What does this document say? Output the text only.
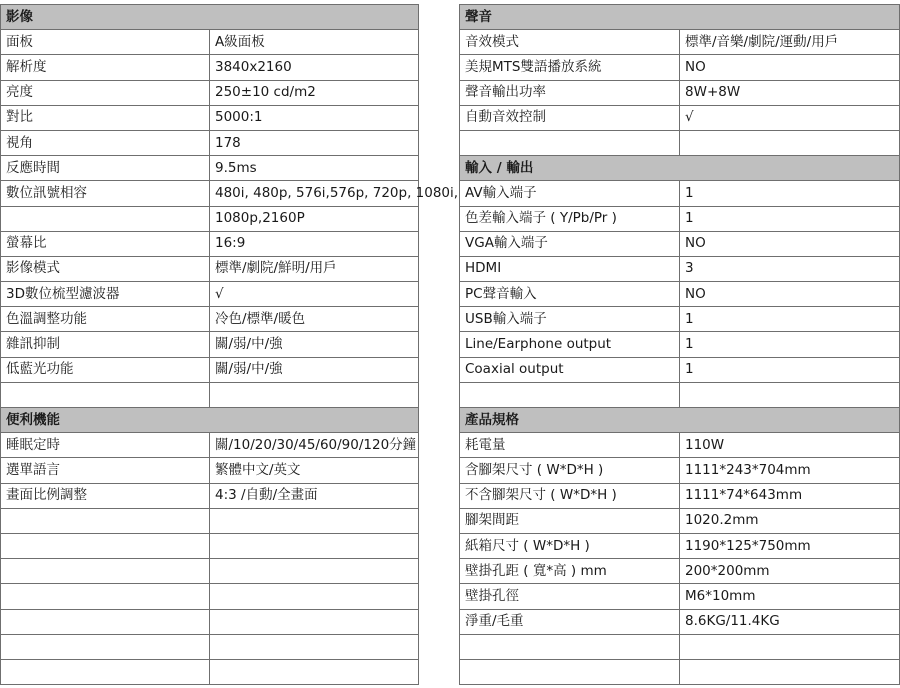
影像	
面板	A級面板
解析度	3840x2160
亮度	250±10 cd/m2
對比	5000:1
視角	178
反應時間	9.5ms
數位訊號相容	480i, 480p, 576i,576p, 720p, 1080i,
	1080p,2160P
螢幕比	16:9
影像模式	標準/劇院/鮮明/用戶
3D數位梳型濾波器	√
色溫調整功能	冷色/標準/暖色
雜訊抑制	關/弱/中/強
低藍光功能	關/弱/中/強

便利機能	
睡眠定時	關/10/20/30/45/60/90/120分鐘
選單語言	繁體中文/英文
畫面比例調整	4:3 /自動/全畫面

聲音	
音效模式	標準/音樂/劇院/運動/用戶
美規MTS雙語播放系統	NO
聲音輸出功率	8W+8W
自動音效控制	√

輸入 / 輸出	
AV輸入端子	1
色差輸入端子 ( Y/Pb/Pr )	1
VGA輸入端子	NO
HDMI	3
PC聲音輸入	NO
USB輸入端子	1
Line/Earphone output	1
Coaxial output	1

產品規格	
耗電量	110W
含腳架尺寸 ( W*D*H )	1111*243*704mm
不含腳架尺寸 ( W*D*H )	1111*74*643mm
腳架間距	1020.2mm
紙箱尺寸 ( W*D*H )	1190*125*750mm
壁掛孔距 ( 寬*高 ) mm	200*200mm
壁掛孔徑	M6*10mm
淨重/毛重	8.6KG/11.4KG
